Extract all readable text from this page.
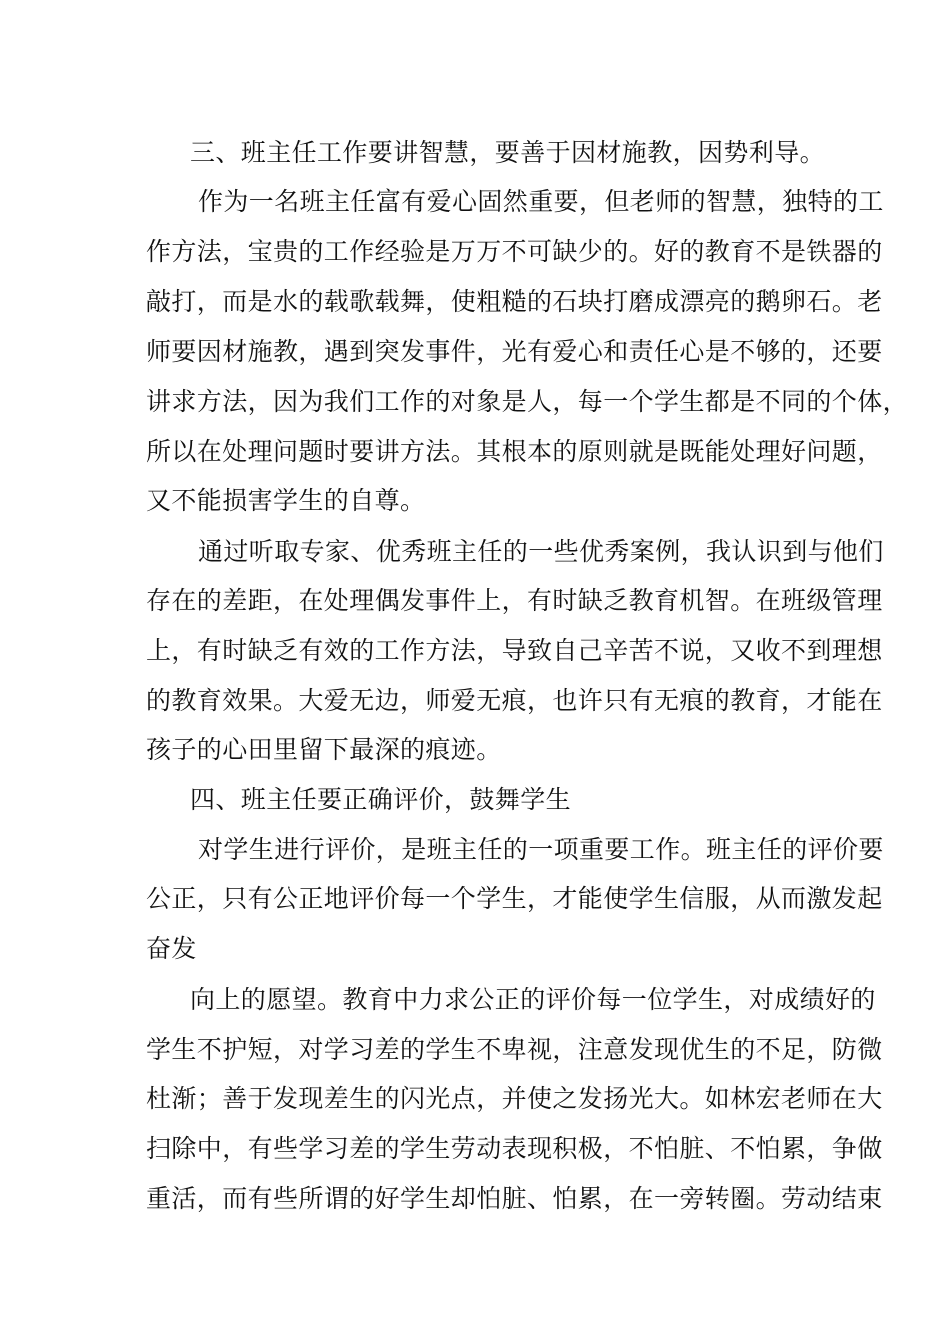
三、班主任工作要讲智慧，要善于因材施教，因势利导。
作为一名班主任富有爱心固然重要，但老师的智慧，独特的工
作方法，宝贵的工作经验是万万不可缺少的。好的教育不是铁器的
敲打，而是水的载歌载舞，使粗糙的石块打磨成漂亮的鹅卵石。老
师要因材施教，遇到突发事件，光有爱心和责任心是不够的，还要
讲求方法，因为我们工作的对象是人，每一个学生都是不同的个体，
所以在处理问题时要讲方法。其根本的原则就是既能处理好问题，
又不能损害学生的自尊。
通过听取专家、优秀班主任的一些优秀案例，我认识到与他们
存在的差距，在处理偶发事件上，有时缺乏教育机智。在班级管理
上，有时缺乏有效的工作方法，导致自己辛苦不说，又收不到理想
的教育效果。大爱无边，师爱无痕，也许只有无痕的教育，才能在
孩子的心田里留下最深的痕迹。
四、班主任要正确评价，鼓舞学生
对学生进行评价，是班主任的一项重要工作。班主任的评价要
公正，只有公正地评价每一个学生，才能使学生信服，从而激发起
奋发
向上的愿望。教育中力求公正的评价每一位学生，对成绩好的
学生不护短，对学习差的学生不卑视，注意发现优生的不足，防微
杜渐；善于发现差生的闪光点，并使之发扬光大。如林宏老师在大
扫除中，有些学习差的学生劳动表现积极，不怕脏、不怕累，争做
重活，而有些所谓的好学生却怕脏、怕累，在一旁转圈。劳动结束
